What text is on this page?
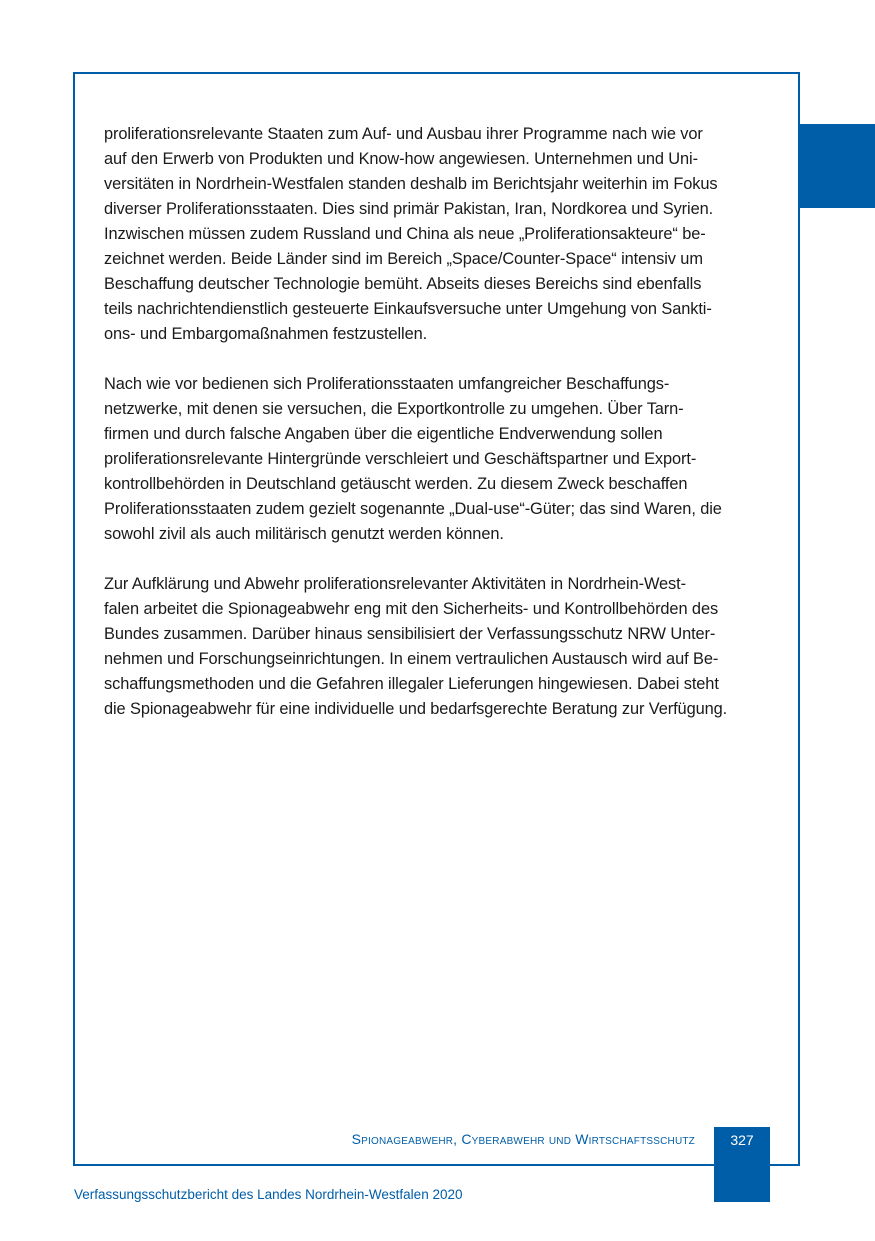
proliferationsrelevante Staaten zum Auf- und Ausbau ihrer Programme nach wie vor
auf den Erwerb von Produkten und Know-how angewiesen. Unternehmen und Uni-
versitäten in Nordrhein-Westfalen standen deshalb im Berichtsjahr weiterhin im Fokus
diverser Proliferationsstaaten. Dies sind primär Pakistan, Iran, Nordkorea und Syrien.
Inzwischen müssen zudem Russland und China als neue „Proliferationsakteure“ be-
zeichnet werden. Beide Länder sind im Bereich „Space/Counter-Space“ intensiv um
Beschaffung deutscher Technologie bemüht. Abseits dieses Bereichs sind ebenfalls
teils nachrichtendienstlich gesteuerte Einkaufsversuche unter Umgehung von Sankti-
ons- und Embargomaßnahmen festzustellen.

Nach wie vor bedienen sich Proliferationsstaaten umfangreicher Beschaffungs-
netzwerke, mit denen sie versuchen, die Exportkontrolle zu umgehen. Über Tarn-
firmen und durch falsche Angaben über die eigentliche Endverwendung sollen
proliferationsrelevante Hintergründe verschleiert und Geschäftspartner und Export-
kontrollbehörden in Deutschland getäuscht werden. Zu diesem Zweck beschaffen
Proliferationsstaaten zudem gezielt sogenannte „Dual-use“-Güter; das sind Waren, die
sowohl zivil als auch militärisch genutzt werden können.

Zur Aufklärung und Abwehr proliferationsrelevanter Aktivitäten in Nordrhein-West-
falen arbeitet die Spionageabwehr eng mit den Sicherheits- und Kontrollbehörden des
Bundes zusammen. Darüber hinaus sensibilisiert der Verfassungsschutz NRW Unter-
nehmen und Forschungseinrichtungen. In einem vertraulichen Austausch wird auf Be-
schaffungsmethoden und die Gefahren illegaler Lieferungen hingewiesen. Dabei steht
die Spionageabwehr für eine individuelle und bedarfsgerechte Beratung zur Verfügung.

Spionageabwehr, Cyberabwehr und Wirtschaftsschutz	327
Verfassungsschutzbericht des Landes Nordrhein-Westfalen 2020
